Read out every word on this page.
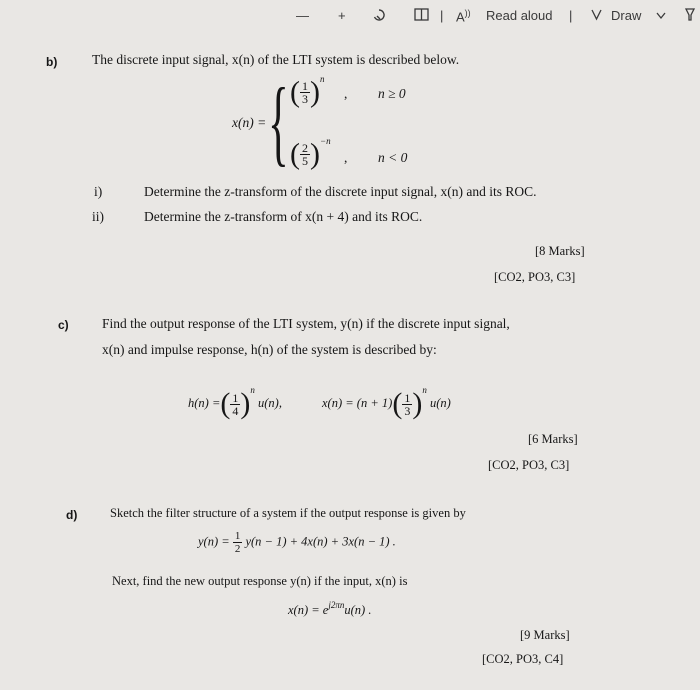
— +	| A)) Read aloud |	Draw
b)	The discrete input signal, x(n) of the LTI system is described below.
x(n) = { ( $\frac{1}{3} )^n$
, n ≥ 0
( $\frac{2}{5} )^{-n}$
, n < 0
i)	Determine the z-transform of the discrete input signal, x(n) and its ROC.
ii)	Determine the z-transform of x(n + 4) and its ROC.
[8 Marks]
[CO2, PO3, C3]
c) Find the output response of the LTI system, y(n) if the discrete input signal,
x(n) and impulse response, h(n) of the system is described by:
h(n) =( $\frac{1}{4} )^n$ u(n),	$x(n) = (n + 1)( \frac{1}{3} )^n$ u(n)
[6 Marks]
[CO2, PO3, C3]
d)	Sketch the filter structure of a system if the output response is given by
$y(n) = \frac{1}{2} y(n - 1) + 4x(n) + 3x(n - 1)$ .
Next, find the new output response y(n) if the input, x(n) is
$x(n) = e^{j2\pi n}u(n)$ .
[9 Marks]
[CO2, PO3, C4]
